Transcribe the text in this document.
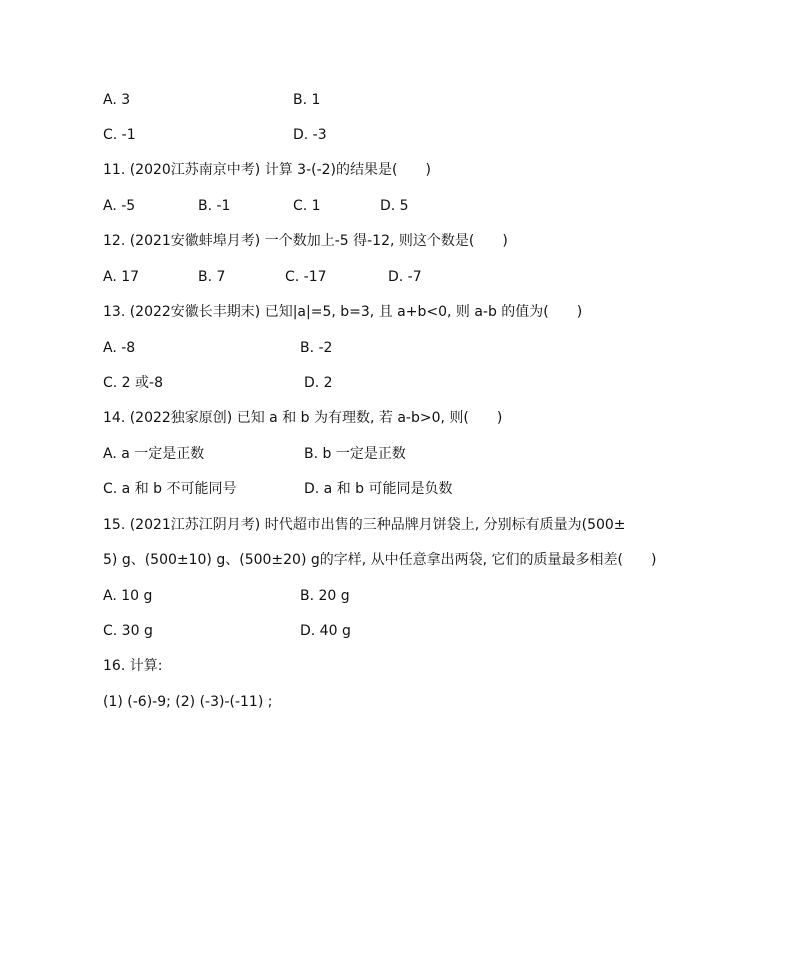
A. 3	B. 1
C. -1	D. -3
11. (2020江苏南京中考) 计算 3-(-2)的结果是(　　)
A. -5	B. -1	C. 1	D. 5
12. (2021安徽蚌埠月考) 一个数加上-5 得-12, 则这个数是(　　)
A. 17	B. 7	C. -17	D. -7
13. (2022安徽长丰期末) 已知|a|=5, b=3, 且 a+b<0, 则 a-b 的值为(　　)
A. -8	B. -2
C. 2 或-8	D. 2
14. (2022独家原创) 已知 a 和 b 为有理数, 若 a-b>0, 则(　　)
A. a 一定是正数	B. b 一定是正数
C. a 和 b 不可能同号	D. a 和 b 可能同是负数
15. (2021江苏江阴月考) 时代超市出售的三种品牌月饼袋上, 分别标有质量为(500±
5) g、(500±10) g、(500±20) g的字样, 从中任意拿出两袋, 它们的质量最多相差(　　)
A. 10 g	B. 20 g
C. 30 g	D. 40 g
16. 计算:
(1) (-6)-9; (2) (-3)-(-11) ;
